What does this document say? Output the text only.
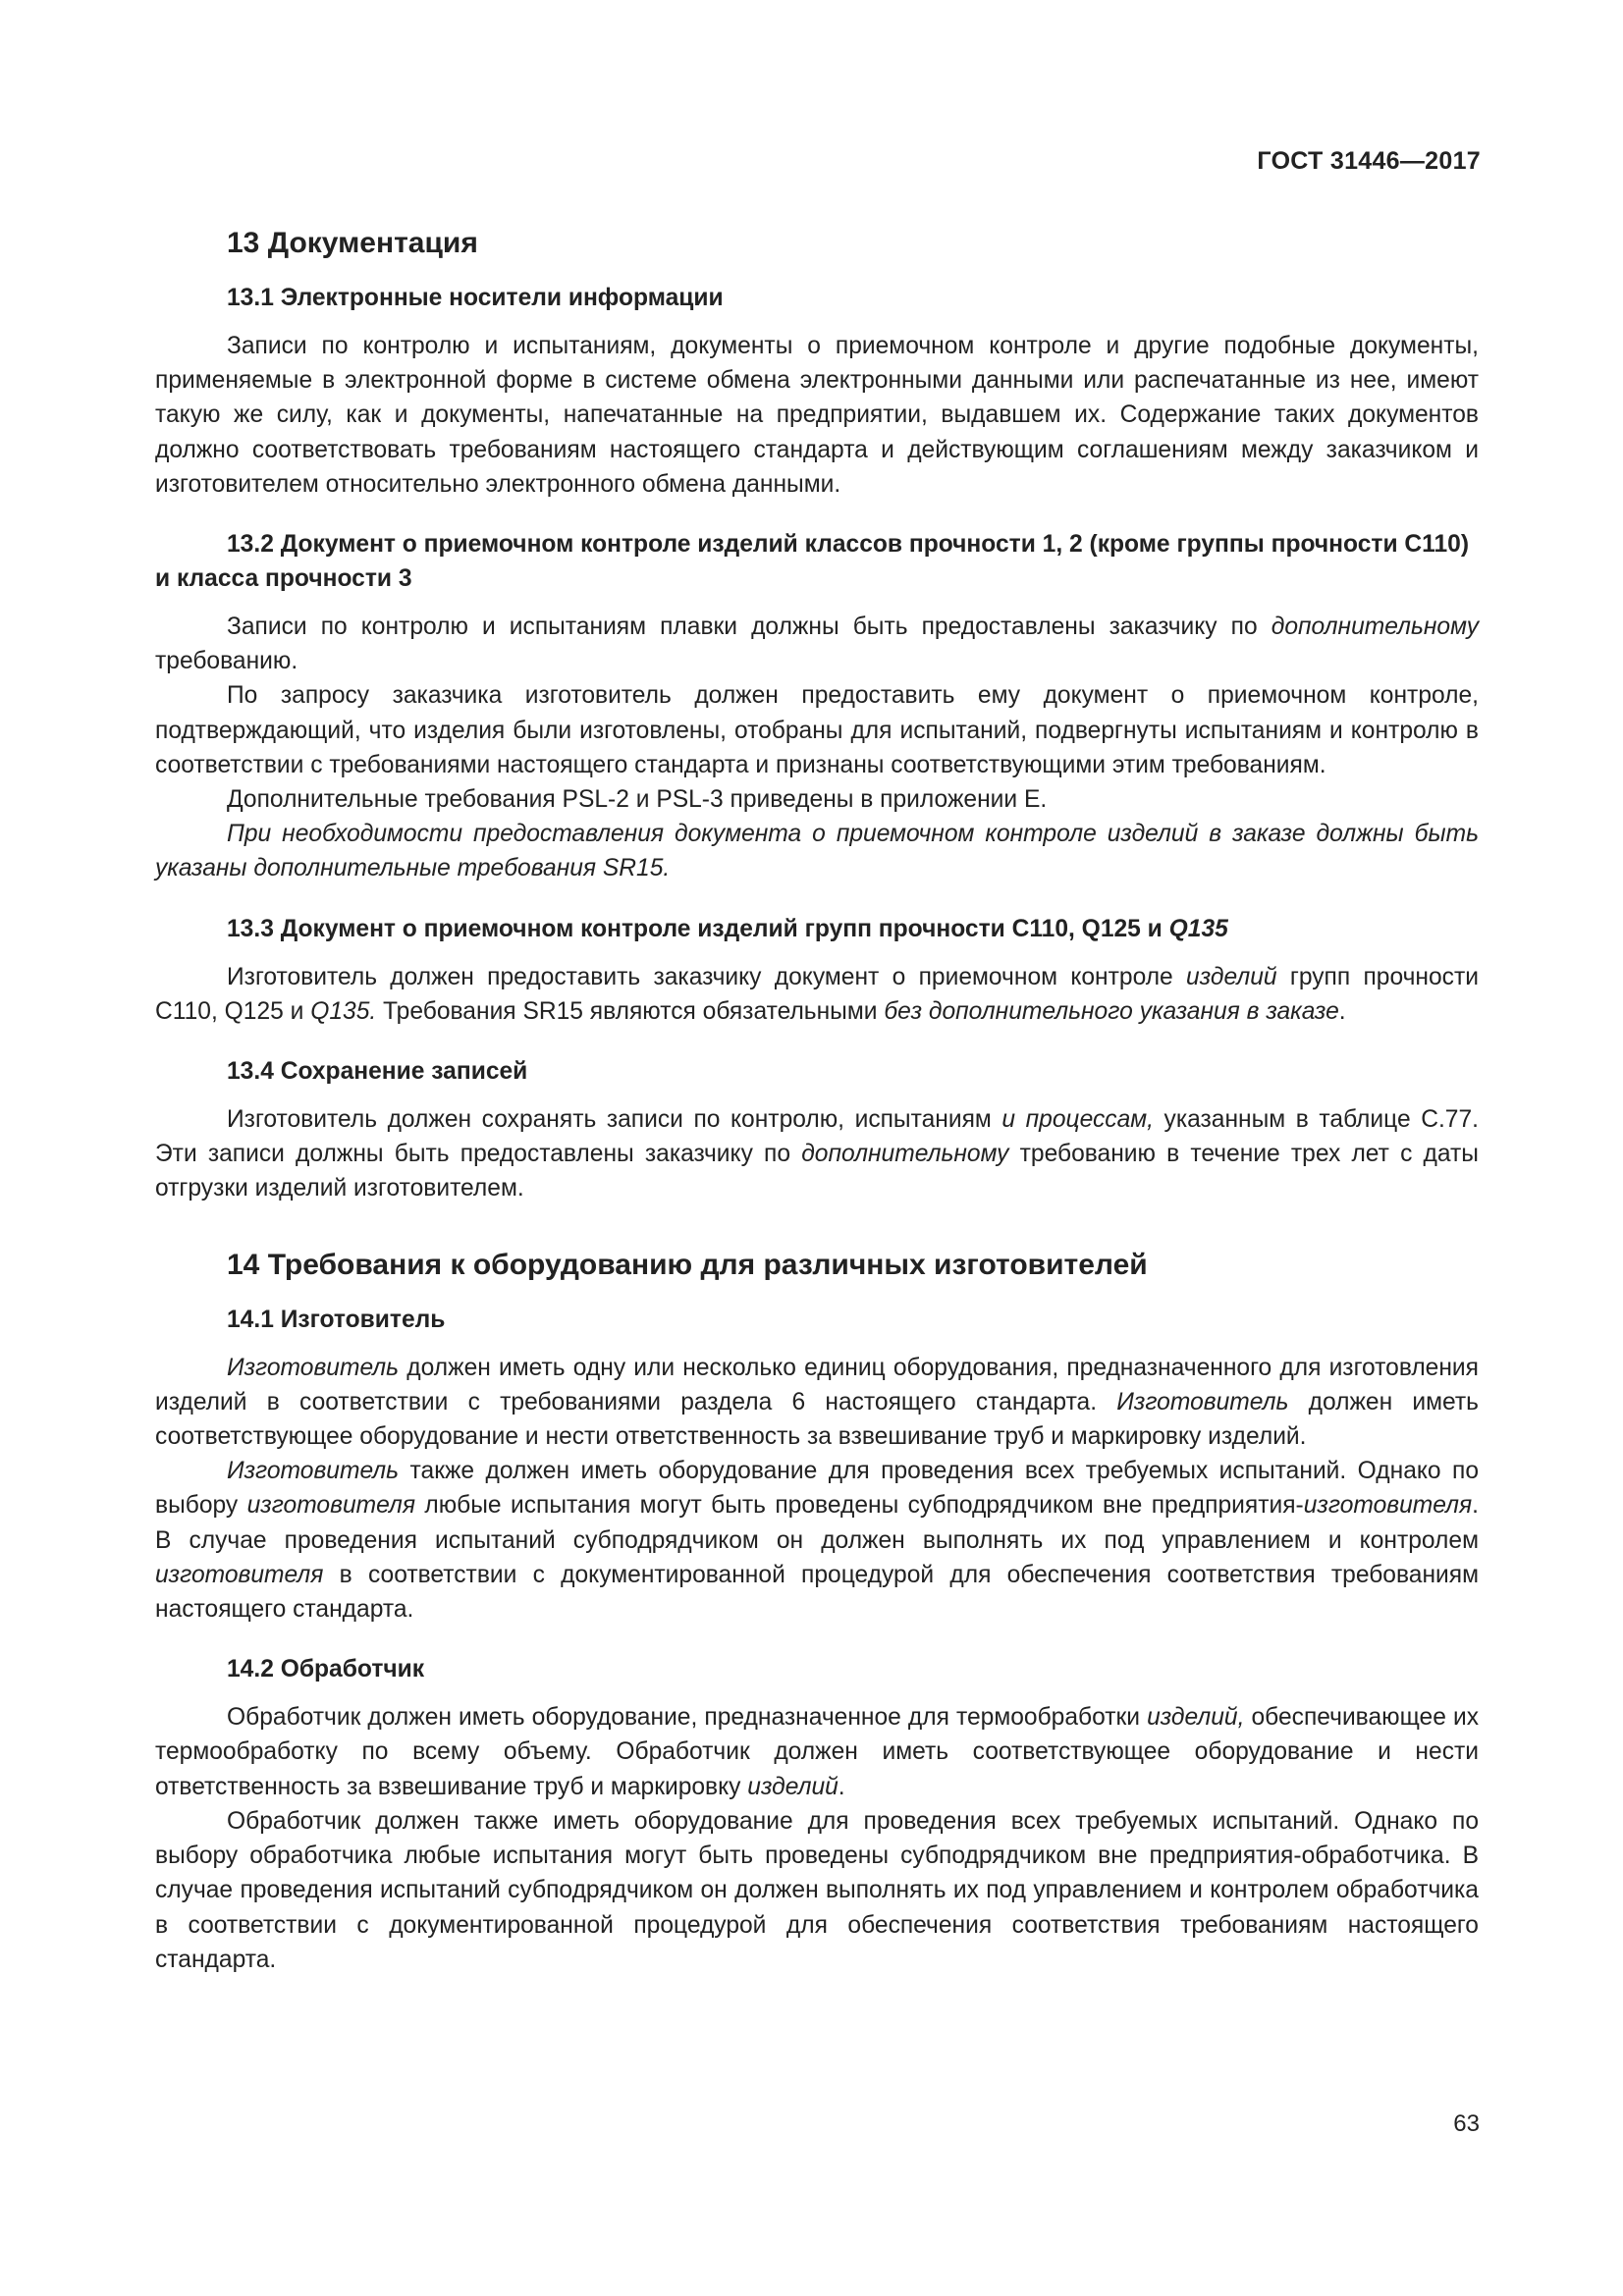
ГОСТ 31446—2017
13 Документация
13.1 Электронные носители информации

Записи по контролю и испытаниям, документы о приемочном контроле и другие подобные документы, применяемые в электронной форме в системе обмена электронными данными или распечатанные из нее, имеют такую же силу, как и документы, напечатанные на предприятии, выдавшем их. Содержание таких документов должно соответствовать требованиям настоящего стандарта и действующим соглашениям между заказчиком и изготовителем относительно электронного обмена данными.

13.2 Документ о приемочном контроле изделий классов прочности 1, 2 (кроме группы прочности С110) и класса прочности 3

Записи по контролю и испытаниям плавки должны быть предоставлены заказчику по дополнительному требованию.

По запросу заказчика изготовитель должен предоставить ему документ о приемочном контроле, подтверждающий, что изделия были изготовлены, отобраны для испытаний, подвергнуты испытаниям и контролю в соответствии с требованиями настоящего стандарта и признаны соответствующими этим требованиям.

Дополнительные требования PSL-2 и PSL-3 приведены в приложении Е.

При необходимости предоставления документа о приемочном контроле изделий в заказе должны быть указаны дополнительные требования SR15.

13.3 Документ о приемочном контроле изделий групп прочности С110, Q125 и Q135

Изготовитель должен предоставить заказчику документ о приемочном контроле изделий групп прочности С110, Q125 и Q135. Требования SR15 являются обязательными без дополнительного указания в заказе.

13.4 Сохранение записей

Изготовитель должен сохранять записи по контролю, испытаниям и процессам, указанным в таблице С.77. Эти записи должны быть предоставлены заказчику по дополнительному требованию в течение трех лет с даты отгрузки изделий изготовителем.

14 Требования к оборудованию для различных изготовителей
14.1 Изготовитель

Изготовитель должен иметь одну или несколько единиц оборудования, предназначенного для изготовления изделий в соответствии с требованиями раздела 6 настоящего стандарта. Изготовитель должен иметь соответствующее оборудование и нести ответственность за взвешивание труб и маркировку изделий.

Изготовитель также должен иметь оборудование для проведения всех требуемых испытаний. Однако по выбору изготовителя любые испытания могут быть проведены субподрядчиком вне предприятия-изготовителя. В случае проведения испытаний субподрядчиком он должен выполнять их под управлением и контролем изготовителя в соответствии с документированной процедурой для обеспечения соответствия требованиям настоящего стандарта.

14.2 Обработчик

Обработчик должен иметь оборудование, предназначенное для термообработки изделий, обеспечивающее их термообработку по всему объему. Обработчик должен иметь соответствующее оборудование и нести ответственность за взвешивание труб и маркировку изделий.

Обработчик должен также иметь оборудование для проведения всех требуемых испытаний. Однако по выбору обработчика любые испытания могут быть проведены субподрядчиком вне предприятия-обработчика. В случае проведения испытаний субподрядчиком он должен выполнять их под управлением и контролем обработчика в соответствии с документированной процедурой для обеспечения соответствия требованиям настоящего стандарта.

63
